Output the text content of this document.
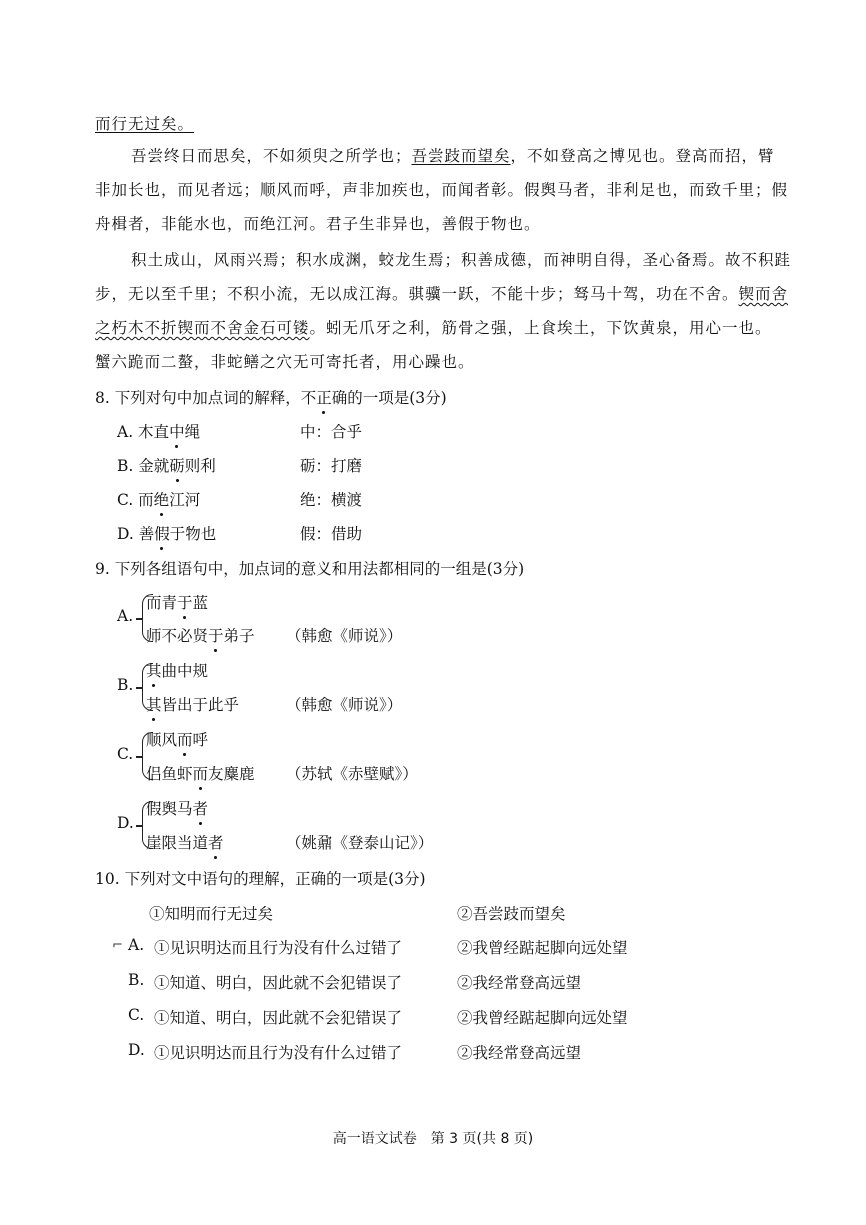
而行无过矣。
吾尝终日而思矣，不如须臾之所学也；吾尝跂而望矣，不如登高之博见也。登高而招，臂
非加长也，而见者远；顺风而呼，声非加疾也，而闻者彰。假舆马者，非利足也，而致千里；假
舟楫者，非能水也，而绝江河。君子生非异也，善假于物也。
积土成山，风雨兴焉；积水成渊，蛟龙生焉；积善成德，而神明自得，圣心备焉。故不积跬
步，无以至千里；不积小流，无以成江海。骐骥一跃，不能十步；驽马十驾，功在不舍。锲而舍
之朽木不折锲而不舍金石可镂。蚓无爪牙之利，筋骨之强，上食埃土，下饮黄泉，用心一也。
蟹六跪而二螯，非蛇鳝之穴无可寄托者，用心躁也。
8. 下列对句中加点词的解释，不正确的一项是(3分)
A. 木直中绳	中：合乎
B. 金就砺则利	砺：打磨
C. 而绝江河	绝：横渡
D. 善假于物也	假：借助
9. 下列各组语句中，加点词的意义和用法都相同的一组是(3分)
A.
而青于蓝
师不必贤于弟子 （韩愈《师说》）
B.
其曲中规
其皆出于此乎	（韩愈《师说》）
C.
顺风而呼
侣鱼虾而友麋鹿 （苏轼《赤壁赋》）
D.
假舆马者
崖限当道者	（姚鼐《登泰山记》）
10. 下列对文中语句的理解，正确的一项是(3分)
①知明而行无过矣	②吾尝跂而望矣
⌐ A. ①见识明达而且行为没有什么过错了	②我曾经踮起脚向远处望
B. ①知道、明白，因此就不会犯错误了	②我经常登高远望
C. ①知道、明白，因此就不会犯错误了	②我曾经踮起脚向远处望
D. ①见识明达而且行为没有什么过错了	②我经常登高远望
高一语文试卷　第 3 页(共 8 页)
